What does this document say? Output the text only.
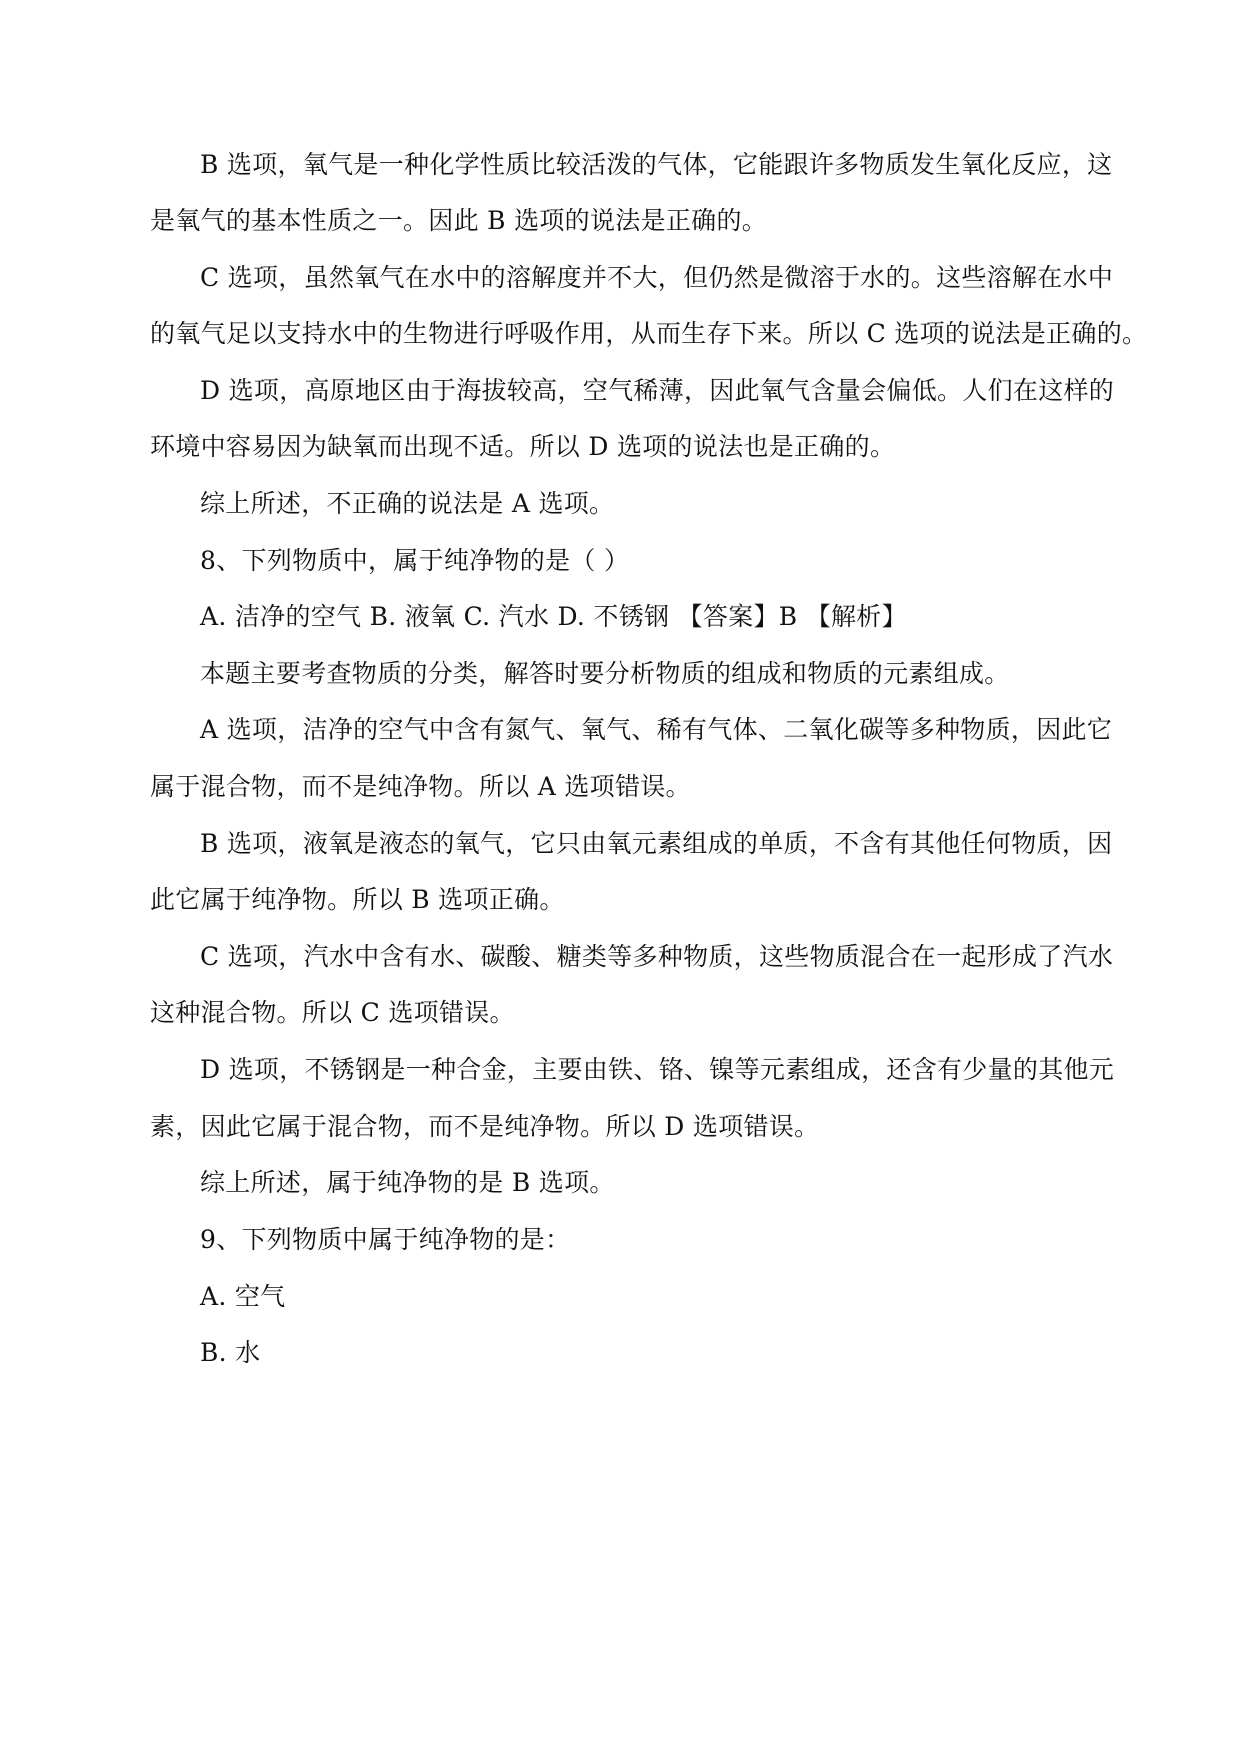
B 选项，氧气是一种化学性质比较活泼的气体，它能跟许多物质发生氧化反应，这
是氧气的基本性质之一。因此 B 选项的说法是正确的。
C 选项，虽然氧气在水中的溶解度并不大，但仍然是微溶于水的。这些溶解在水中
的氧气足以支持水中的生物进行呼吸作用，从而生存下来。所以 C 选项的说法是正确的。
D 选项，高原地区由于海拔较高，空气稀薄，因此氧气含量会偏低。人们在这样的
环境中容易因为缺氧而出现不适。所以 D 选项的说法也是正确的。
综上所述，不正确的说法是 A 选项。
8、下列物质中，属于纯净物的是（ ）
A. 洁净的空气 B. 液氧 C. 汽水 D. 不锈钢 【答案】B 【解析】
本题主要考查物质的分类，解答时要分析物质的组成和物质的元素组成。
A 选项，洁净的空气中含有氮气、氧气、稀有气体、二氧化碳等多种物质，因此它
属于混合物，而不是纯净物。所以 A 选项错误。
B 选项，液氧是液态的氧气，它只由氧元素组成的单质，不含有其他任何物质，因
此它属于纯净物。所以 B 选项正确。
C 选项，汽水中含有水、碳酸、糖类等多种物质，这些物质混合在一起形成了汽水
这种混合物。所以 C 选项错误。
D 选项，不锈钢是一种合金，主要由铁、铬、镍等元素组成，还含有少量的其他元
素，因此它属于混合物，而不是纯净物。所以 D 选项错误。
综上所述，属于纯净物的是 B 选项。
9、下列物质中属于纯净物的是：
A. 空气
B. 水
